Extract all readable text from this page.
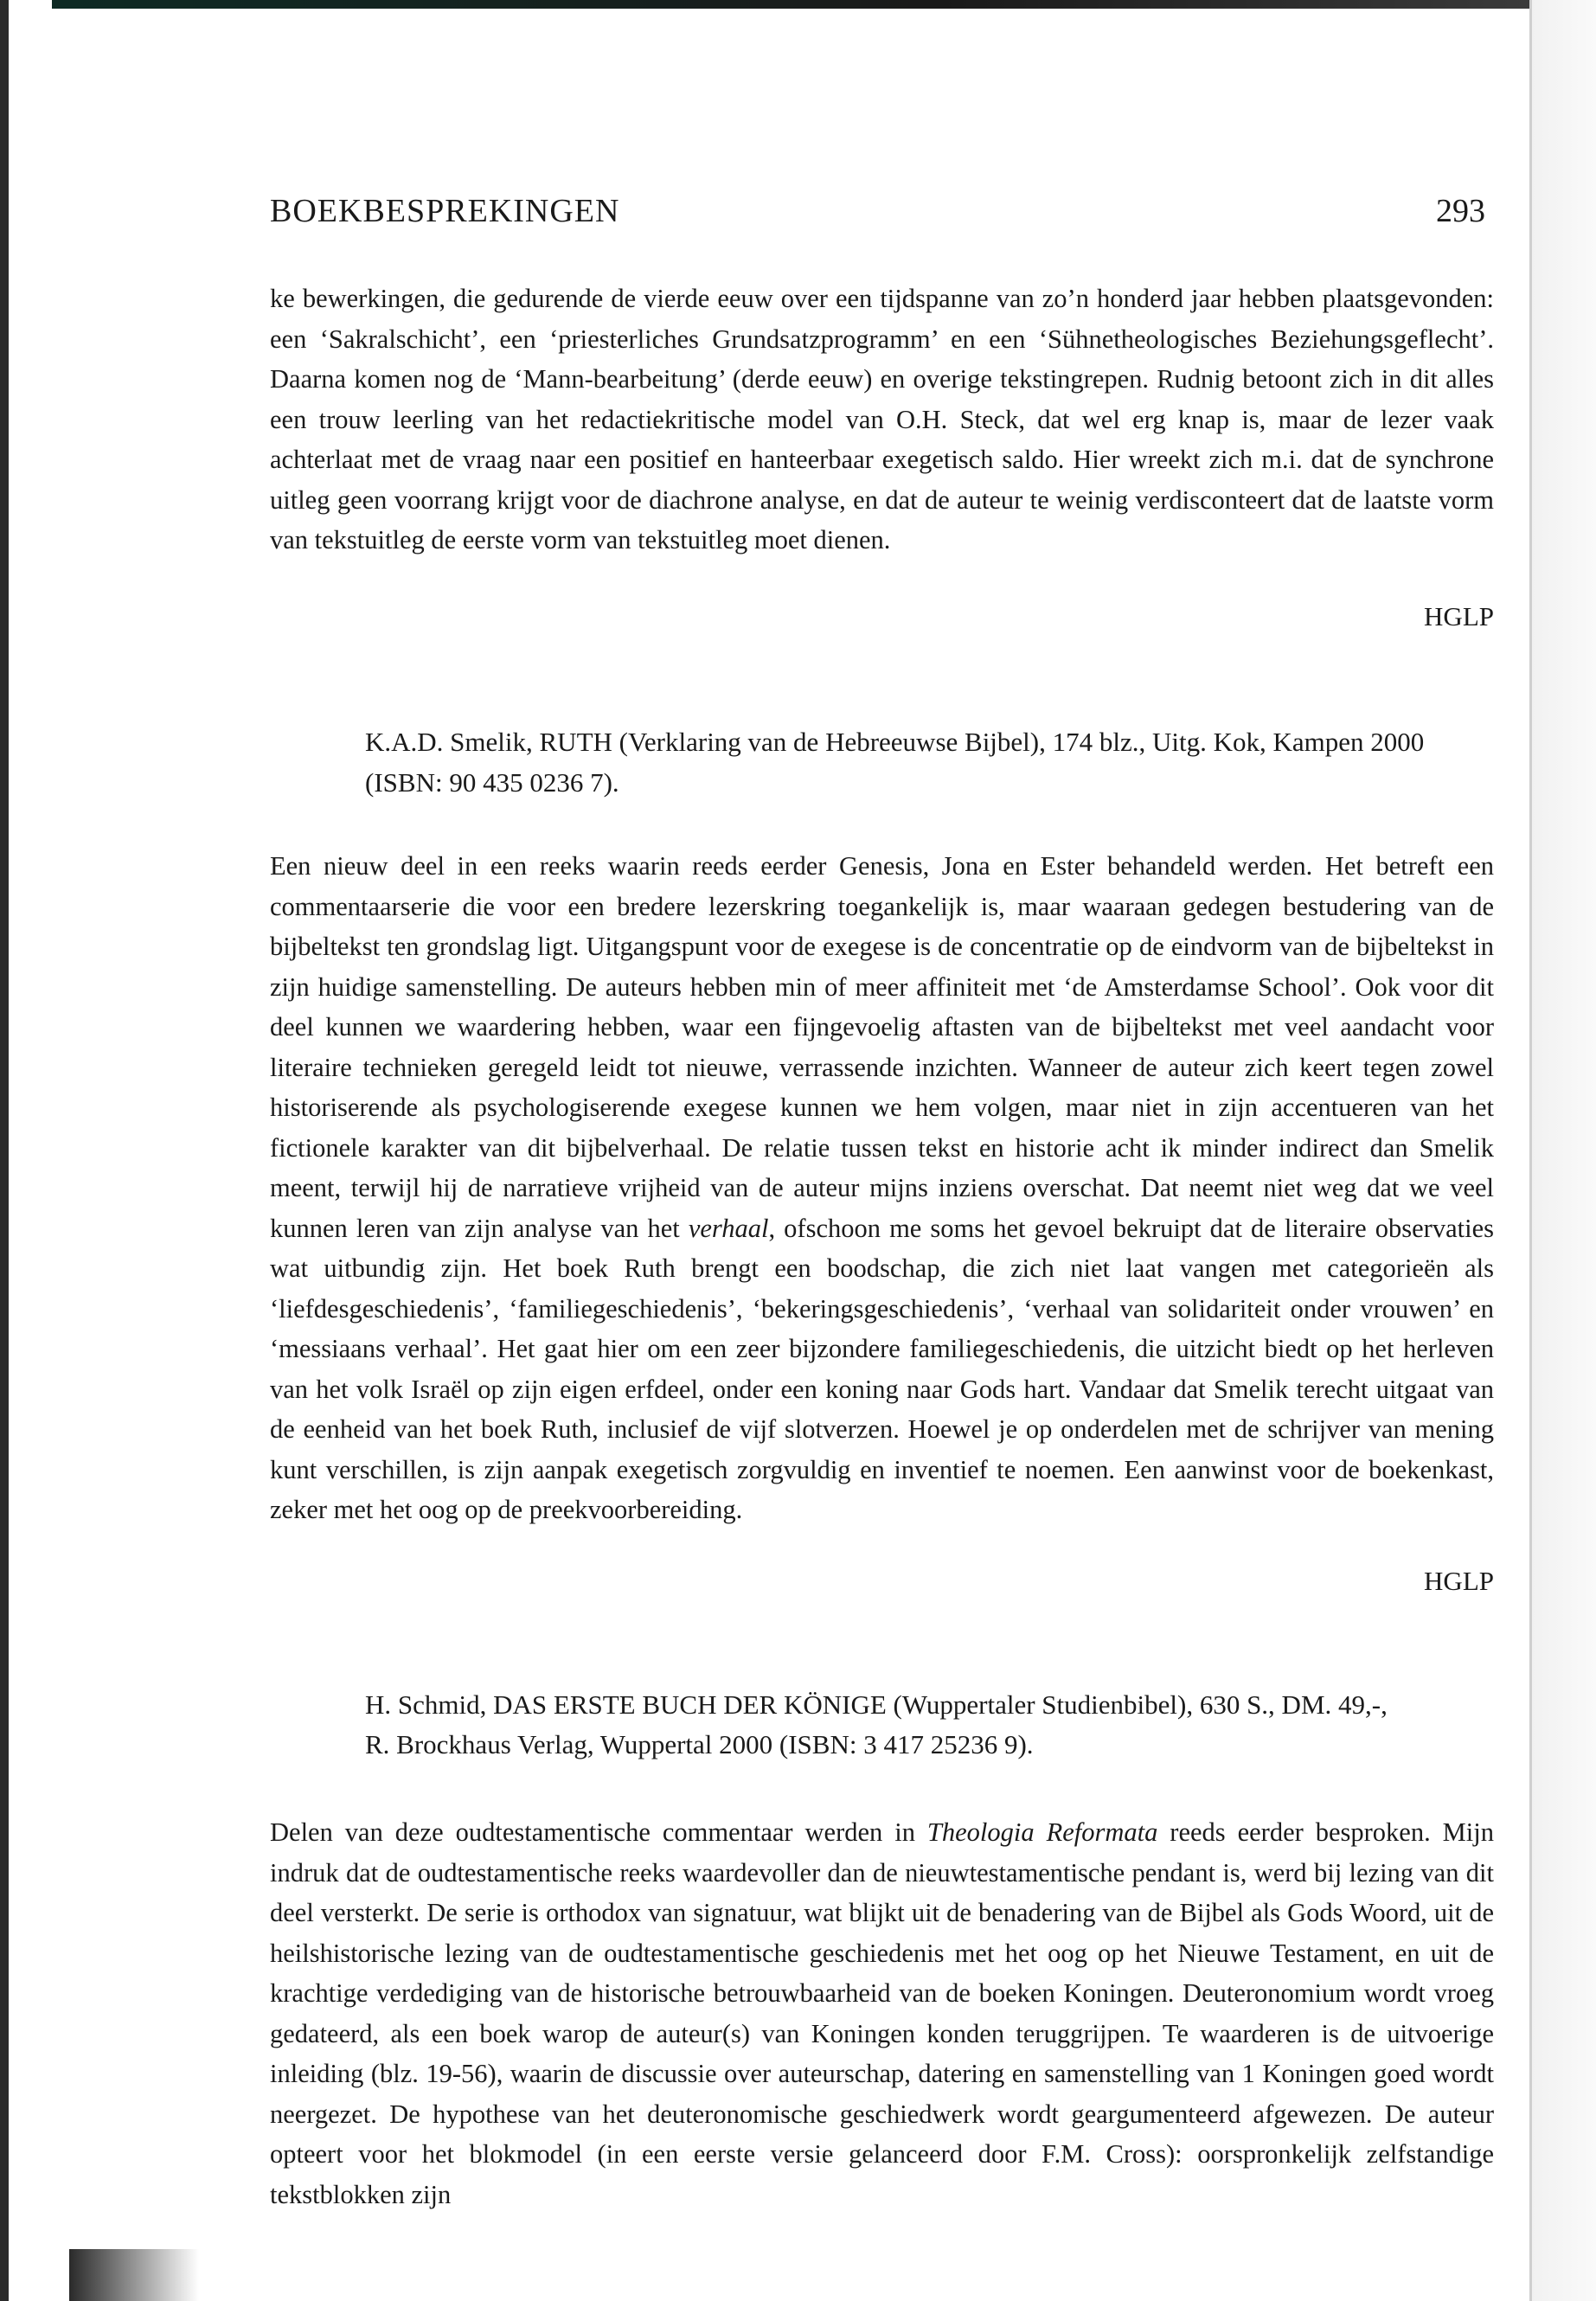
BOEKBESPREKINGEN	293

ke bewerkingen, die gedurende de vierde eeuw over een tijdspanne van zo’n honderd jaar hebben plaatsgevonden: een ‘Sakralschicht’, een ‘priesterliches Grundsatzprogramm’ en een ‘Sühnetheologisches Beziehungsgeflecht’. Daarna komen nog de ‘Mann-bearbeitung’ (derde eeuw) en overige tekstingrepen. Rudnig betoont zich in dit alles een trouw leerling van het redactiekritische model van O.H. Steck, dat wel erg knap is, maar de lezer vaak achterlaat met de vraag naar een positief en hanteerbaar exegetisch saldo. Hier wreekt zich m.i. dat de synchrone uitleg geen voorrang krijgt voor de diachrone analyse, en dat de auteur te weinig verdisconteert dat de laatste vorm van tekstuitleg de eerste vorm van tekstuitleg moet dienen.

HGLP
K.A.D. Smelik, RUTH (Verklaring van de Hebreeuwse Bijbel), 174 blz., Uitg. Kok, Kampen 2000 (ISBN: 90 435 0236 7).

Een nieuw deel in een reeks waarin reeds eerder Genesis, Jona en Ester behandeld werden. Het betreft een commentaarserie die voor een bredere lezerskring toegankelijk is, maar waaraan gedegen bestudering van de bijbeltekst ten grondslag ligt. Uitgangspunt voor de exegese is de concentratie op de eindvorm van de bijbeltekst in zijn huidige samenstelling. De auteurs hebben min of meer affiniteit met ‘de Amsterdamse School’. Ook voor dit deel kunnen we waardering hebben, waar een fijngevoelig aftasten van de bijbeltekst met veel aandacht voor literaire technieken geregeld leidt tot nieuwe, verrassende inzichten. Wanneer de auteur zich keert tegen zowel historiserende als psychologiserende exegese kunnen we hem volgen, maar niet in zijn accentueren van het fictionele karakter van dit bijbelverhaal. De relatie tussen tekst en historie acht ik minder indirect dan Smelik meent, terwijl hij de narratieve vrijheid van de auteur mijns inziens overschat. Dat neemt niet weg dat we veel kunnen leren van zijn analyse van het verhaal, ofschoon me soms het gevoel bekruipt dat de literaire observaties wat uitbundig zijn. Het boek Ruth brengt een boodschap, die zich niet laat vangen met categorieën als ‘liefdesgeschiedenis’, ‘familiegeschiedenis’, ‘bekeringsgeschiedenis’, ‘verhaal van solidariteit onder vrouwen’ en ‘messiaans verhaal’. Het gaat hier om een zeer bijzondere familiegeschiedenis, die uitzicht biedt op het herleven van het volk Israël op zijn eigen erfdeel, onder een koning naar Gods hart. Vandaar dat Smelik terecht uitgaat van de eenheid van het boek Ruth, inclusief de vijf slotverzen. Hoewel je op onderdelen met de schrijver van mening kunt verschillen, is zijn aanpak exegetisch zorgvuldig en inventief te noemen. Een aanwinst voor de boekenkast, zeker met het oog op de preekvoorbereiding.

HGLP
H. Schmid, DAS ERSTE BUCH DER KÖNIGE (Wuppertaler Studienbibel), 630 S., DM. 49,-,
R. Brockhaus Verlag, Wuppertal 2000 (ISBN: 3 417 25236 9).

Delen van deze oudtestamentische commentaar werden in Theologia Reformata reeds eerder besproken. Mijn indruk dat de oudtestamentische reeks waardevoller dan de nieuwtestamentische pendant is, werd bij lezing van dit deel versterkt. De serie is orthodox van signatuur, wat blijkt uit de benadering van de Bijbel als Gods Woord, uit de heilshistorische lezing van de oudtestamentische geschiedenis met het oog op het Nieuwe Testament, en uit de krachtige verdediging van de historische betrouwbaarheid van de boeken Koningen. Deuteronomium wordt vroeg gedateerd, als een boek warop de auteur(s) van Koningen konden teruggrijpen. Te waarderen is de uitvoerige inleiding (blz. 19-56), waarin de discussie over auteurschap, datering en samenstelling van 1 Koningen goed wordt neergezet. De hypothese van het deuteronomische geschiedwerk wordt geargumenteerd afgewezen. De auteur opteert voor het blokmodel (in een eerste versie gelanceerd door F.M. Cross): oorspronkelijk zelfstandige tekstblokken zijn
